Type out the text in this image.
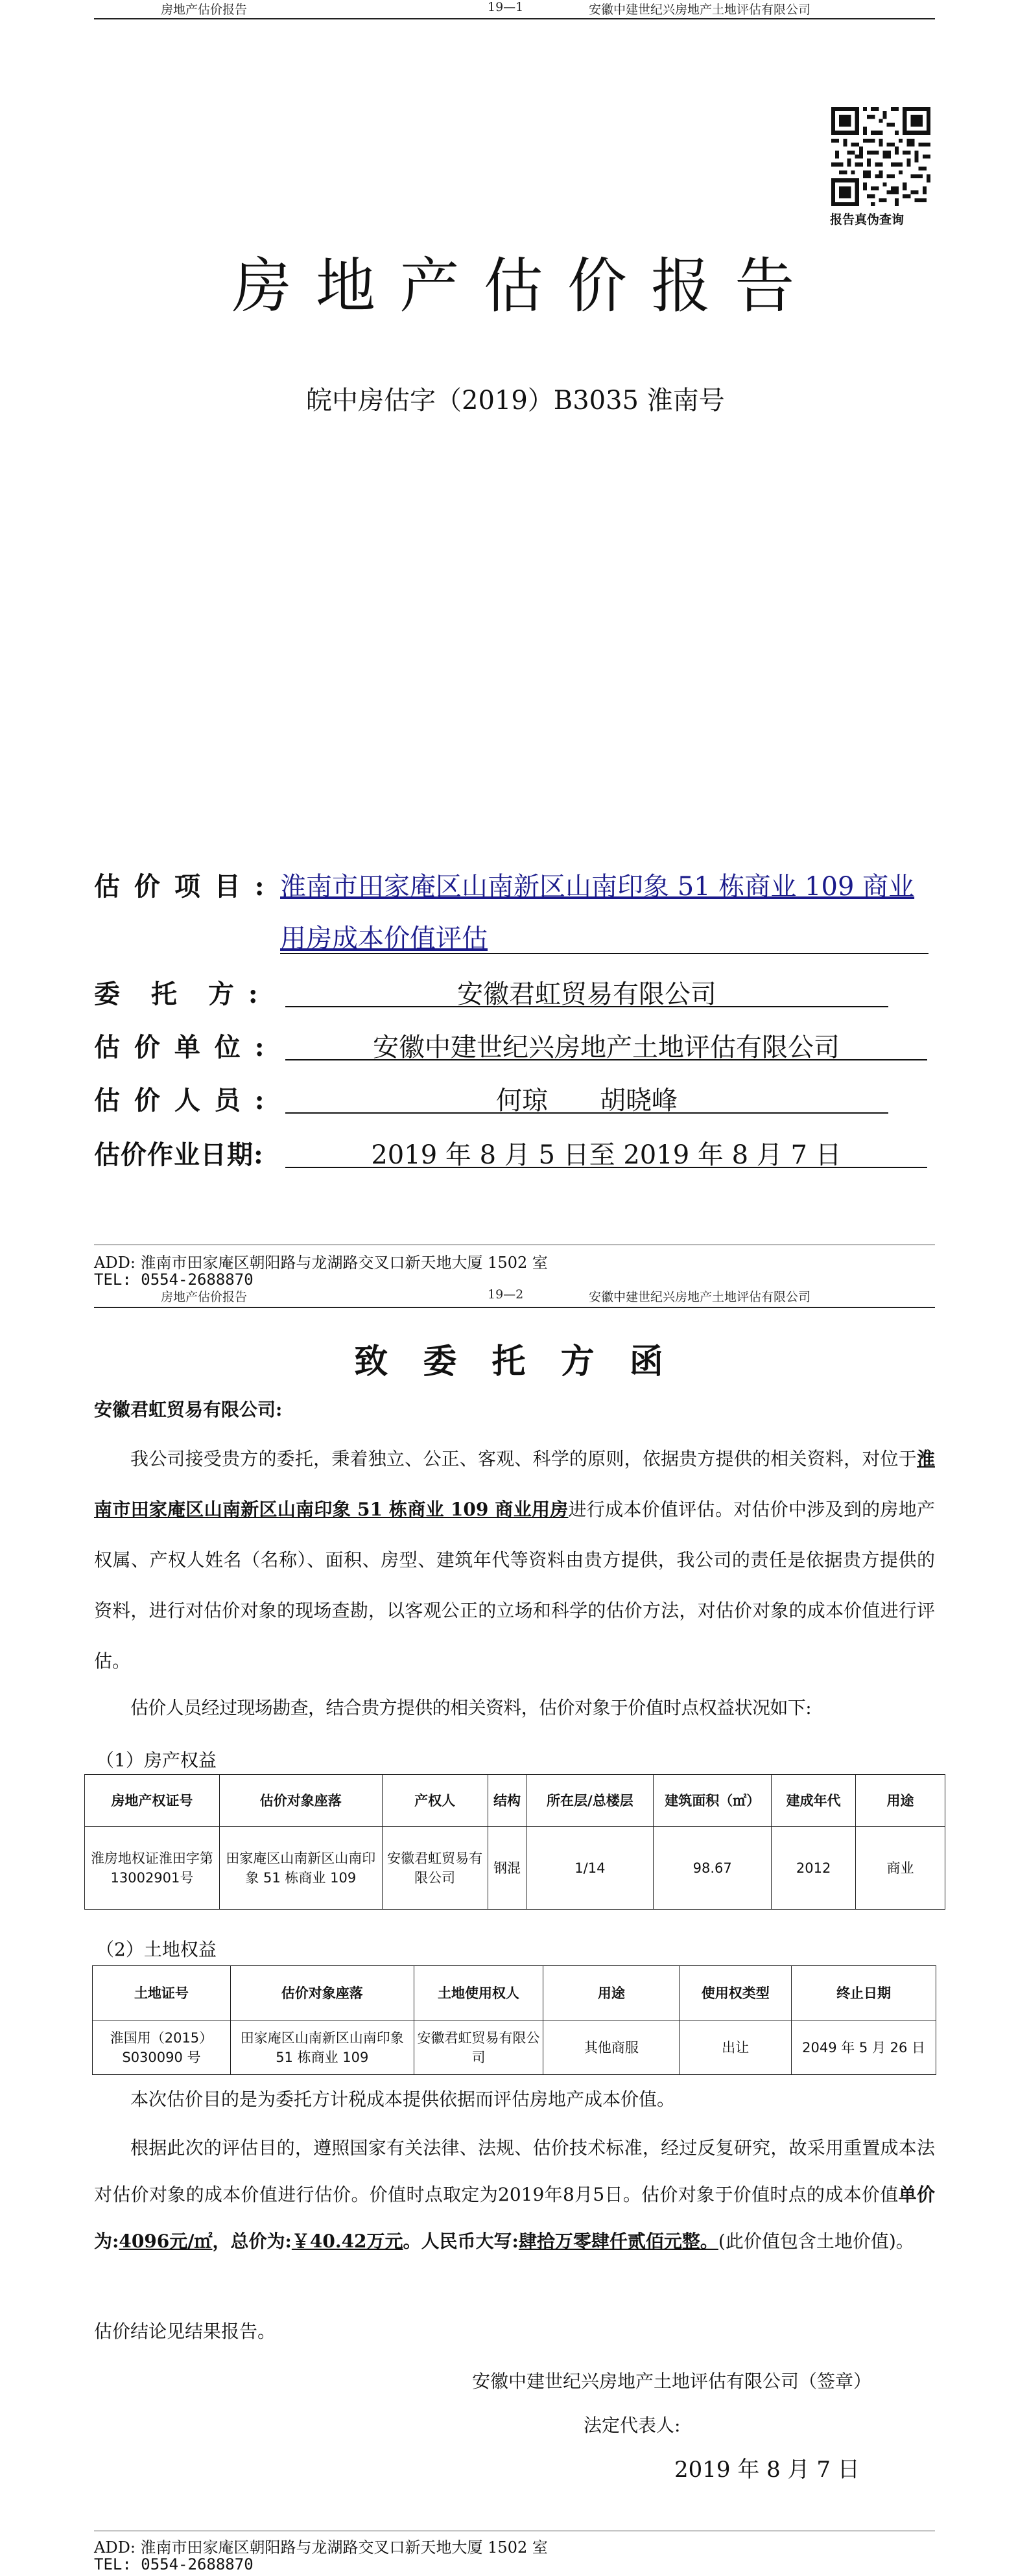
房地产估价报告	19—1	安徽中建世纪兴房地产土地评估有限公司
报告真伪查询
房 地 产 估 价 报 告
皖中房估字（2019）B3035 淮南号
估 价 项 目 : 淮南市田家庵区山南新区山南印象 51 栋商业 109 商业
用房成本价值评估
委　托　方 :	安徽君虹贸易有限公司
估 价 单 位 :	安徽中建世纪兴房地产土地评估有限公司
估 价 人 员 :	何琼　　胡晓峰
估价作业日期:	2019 年 8 月 5 日至 2019 年 8 月 7 日
ADD: 淮南市田家庵区朝阳路与龙湖路交叉口新天地大厦 1502 室
TEL: 0554-2688870
房地产估价报告	19—2	安徽中建世纪兴房地产土地评估有限公司
致 委 托 方 函
安徽君虹贸易有限公司:
我公司接受贵方的委托，秉着独立、公正、客观、科学的原则，依据贵方提供的相关资料，对位于淮南市田家庵区山南新区山南印象 51 栋商业 109 商业用房进行成本价值评估。对估价中涉及到的房地产权属、产权人姓名（名称）、面积、房型、建筑年代等资料由贵方提供，我公司的责任是依据贵方提供的资料，进行对估价对象的现场查勘，以客观公正的立场和科学的估价方法，对估价对象的成本价值进行评估。
估价人员经过现场勘查，结合贵方提供的相关资料，估价对象于价值时点权益状况如下:
（1）房产权益
房地产权证号	估价对象座落	产权人	结构	所在层/总楼层	建筑面积（㎡）	建成年代	用途
淮房地权证淮田字第13002901号	田家庵区山南新区山南印象 51 栋商业 109	安徽君虹贸易有限公司	钢混	1/14	98.67	2012	商业
（2）土地权益
土地证号	估价对象座落	土地使用权人	用途	使用权类型	终止日期
淮国用（2015）S030090 号	田家庵区山南新区山南印象 51 栋商业 109	安徽君虹贸易有限公司	其他商服	出让	2049 年 5 月 26 日
本次估价目的是为委托方计税成本提供依据而评估房地产成本价值。
根据此次的评估目的，遵照国家有关法律、法规、估价技术标准，经过反复研究，故采用重置成本法对估价对象的成本价值进行估价。价值时点取定为2019年8月5日。估价对象于价值时点的成本价值单价为:4096元/㎡，总价为:￥40.42万元。人民币大写:肆拾万零肆仟贰佰元整。(此价值包含土地价值)。
估价结论见结果报告。
安徽中建世纪兴房地产土地评估有限公司（签章）
法定代表人:
2019 年 8 月 7 日
ADD: 淮南市田家庵区朝阳路与龙湖路交叉口新天地大厦 1502 室
TEL: 0554-2688870
